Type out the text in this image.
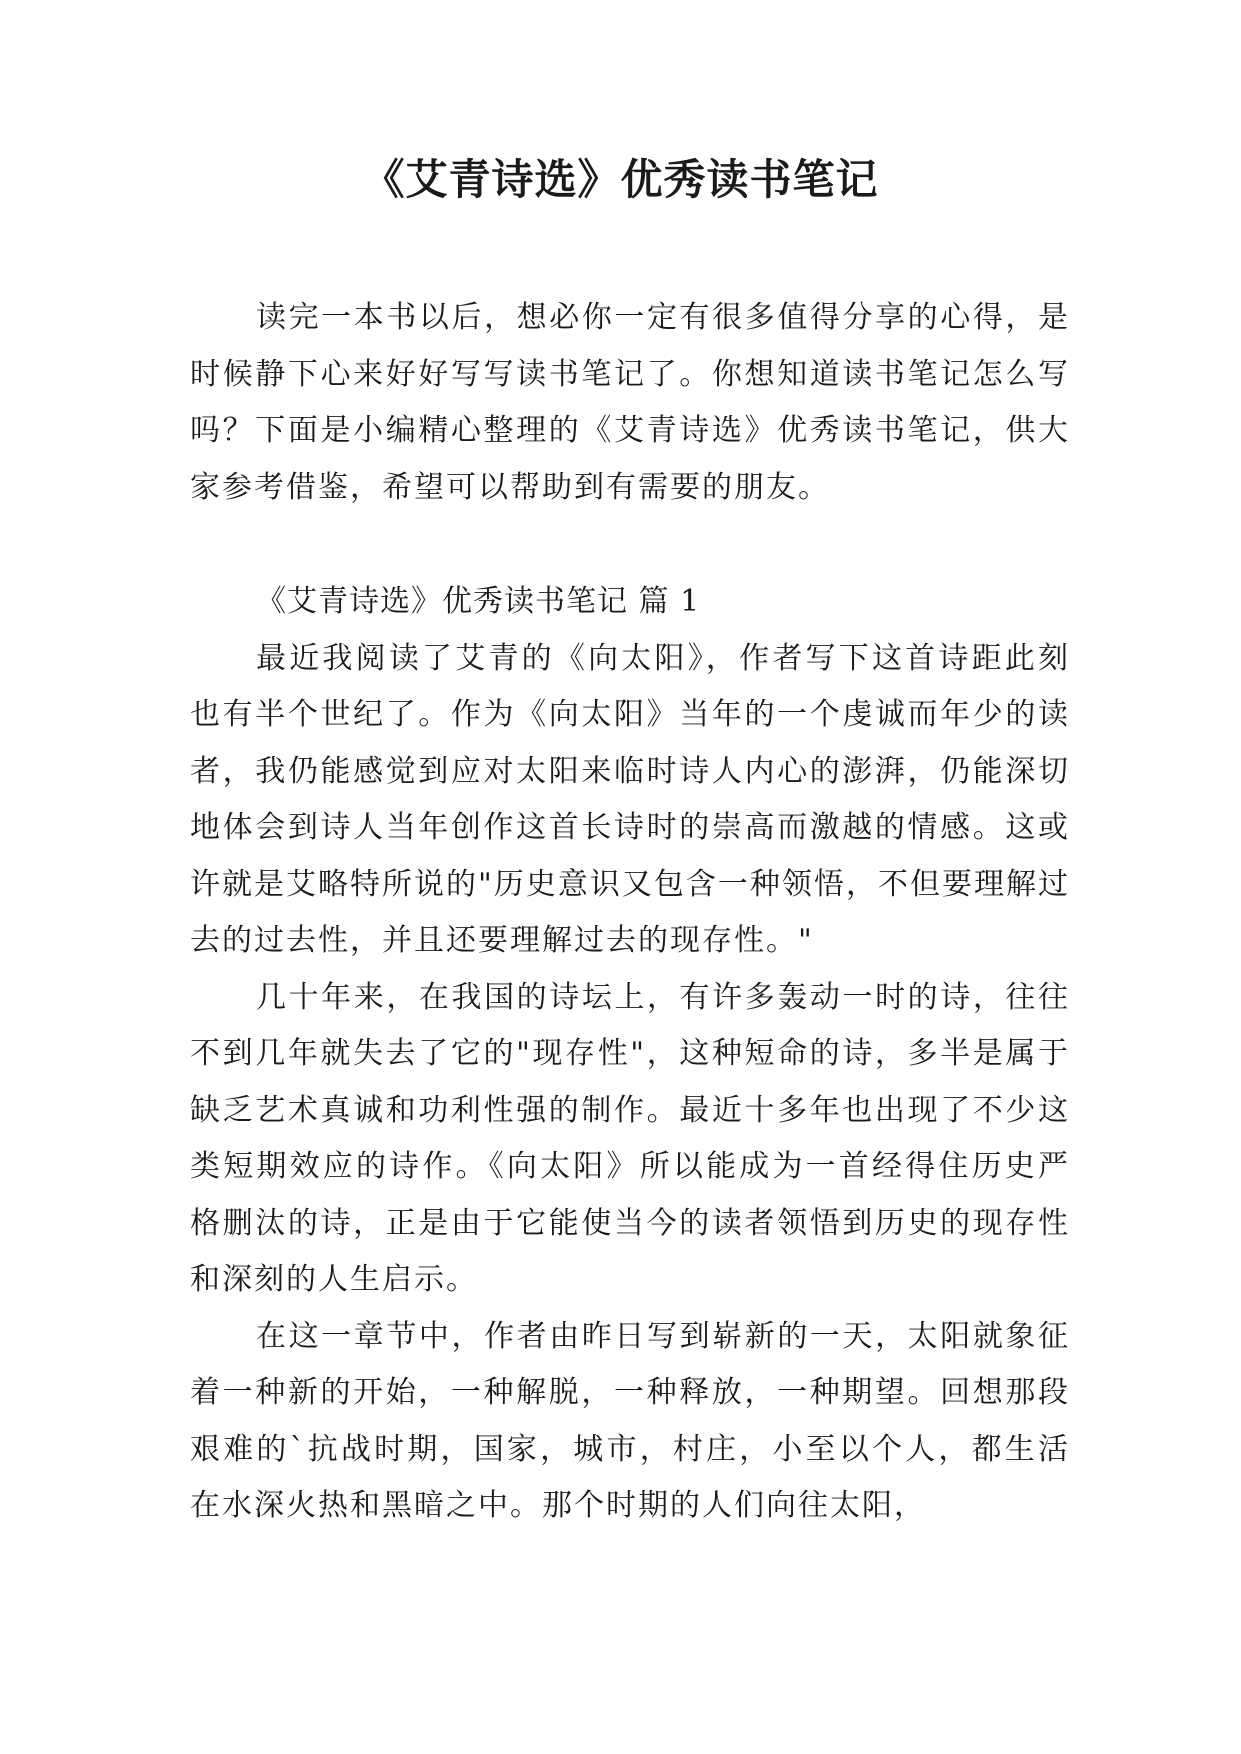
《艾青诗选》优秀读书笔记

读完一本书以后，想必你一定有很多值得分享的心得，是时候静下心来好好写写读书笔记了。你想知道读书笔记怎么写吗？下面是小编精心整理的《艾青诗选》优秀读书笔记，供大家参考借鉴，希望可以帮助到有需要的朋友。

《艾青诗选》优秀读书笔记 篇 1

最近我阅读了艾青的《向太阳》，作者写下这首诗距此刻也有半个世纪了。作为《向太阳》当年的一个虔诚而年少的读者，我仍能感觉到应对太阳来临时诗人内心的澎湃，仍能深切地体会到诗人当年创作这首长诗时的崇高而激越的情感。这或许就是艾略特所说的"历史意识又包含一种领悟，不但要理解过去的过去性，并且还要理解过去的现存性。"

几十年来，在我国的诗坛上，有许多轰动一时的诗，往往不到几年就失去了它的"现存性"，这种短命的诗，多半是属于缺乏艺术真诚和功利性强的制作。最近十多年也出现了不少这类短期效应的诗作。《向太阳》所以能成为一首经得住历史严格删汰的诗，正是由于它能使当今的读者领悟到历史的现存性和深刻的人生启示。

在这一章节中，作者由昨日写到崭新的一天，太阳就象征着一种新的开始，一种解脱，一种释放，一种期望。回想那段艰难的`抗战时期，国家，城市，村庄，小至以个人，都生活在水深火热和黑暗之中。那个时期的人们向往太阳，
